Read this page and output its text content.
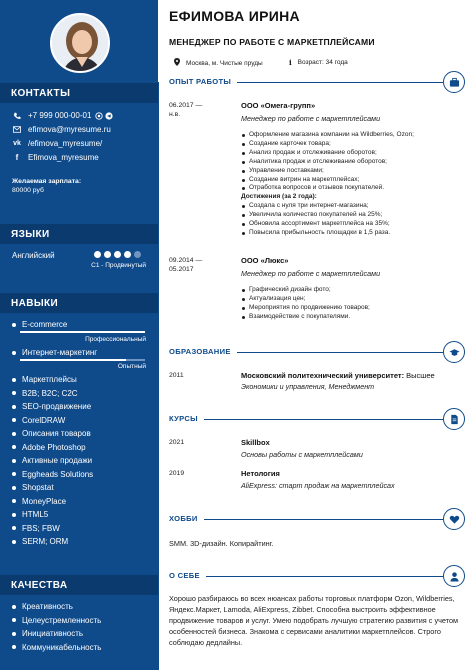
КОНТАКТЫ
+7 999 000-00-01
efimova@myresume.ru
vk /efimova_myresume/
f	Efimova_myresume
Желаемая зарплата:
80000 руб
ЯЗЫКИ
Английский
C1 - Продвинутый
НАВЫКИ
E-commerce
Профессиональный
Интернет-маркетинг
Опытный
Маркетплейсы
B2B; B2C; C2C
SEO-продвижение
CorelDRAW
Описания товаров
Adobe Photoshop
Активные продажи
Eggheads Solutions
Shopstat
MoneyPlace
HTML5
FBS; FBW
SERM; ORM
КАЧЕСТВА
Креативность
Целеустремленность
Инициативность
Коммуникабельность
ЕФИМОВА ИРИНА
МЕНЕДЖЕР ПО РАБОТЕ С МАРКЕТПЛЕЙСАМИ
Москва, м. Чистые пруды	i Возраст: 34 года
ОПЫТ РАБОТЫ
06.2017 —
н.в.
ООО «Омега-групп»
Менеджер по работе с маркетплейсами
Оформление магазина компании на Wildberries, Ozon;
Создание карточек товара;
Анализ продаж и отслеживание оборотов;
Аналитика продаж и отслеживание оборотов;
Управление поставками;
Создание витрин на маркетплейсах;
Отработка вопросов и отзывов покупателей.
Достижения (за 2 года):
Создала с нуля три интернет-магазина;
Увеличила количество покупателей на 25%;
Обновила ассортимент маркетплейса на 35%;
Повысила прибыльность площадки в 1,5 раза.
09.2014 —
05.2017
ООО «Люкс»
Менеджер по работе с маркетплейсами
Графический дизайн фото;
Актуализация цен;
Мероприятия по продвижению товаров;
Взаимодействие с покупателями.
ОБРАЗОВАНИЕ
2011	Московский политехнический университет: Высшее
Экономики и управления, Менеджмент
КУРСЫ
2021	Skillbox
Основы работы с маркетплейсами
2019	Нетология
AliExpress: старт продаж на маркетплейсах
ХОББИ
SMM. 3D-дизайн. Копирайтинг.
О СЕБЕ
Хорошо разбираюсь во всех нюансах работы торговых платформ Ozon, Wildberries, Яндекс.Маркет, Lamoda, AliExpress, Zibbet. Способна выстроить эффективное продвижение товаров и услуг. Умею подобрать лучшую стратегию развития с учетом особенностей бизнеса. Знакома с сервисами аналитики маркетплейсов. Строго соблюдаю дедлайны.
